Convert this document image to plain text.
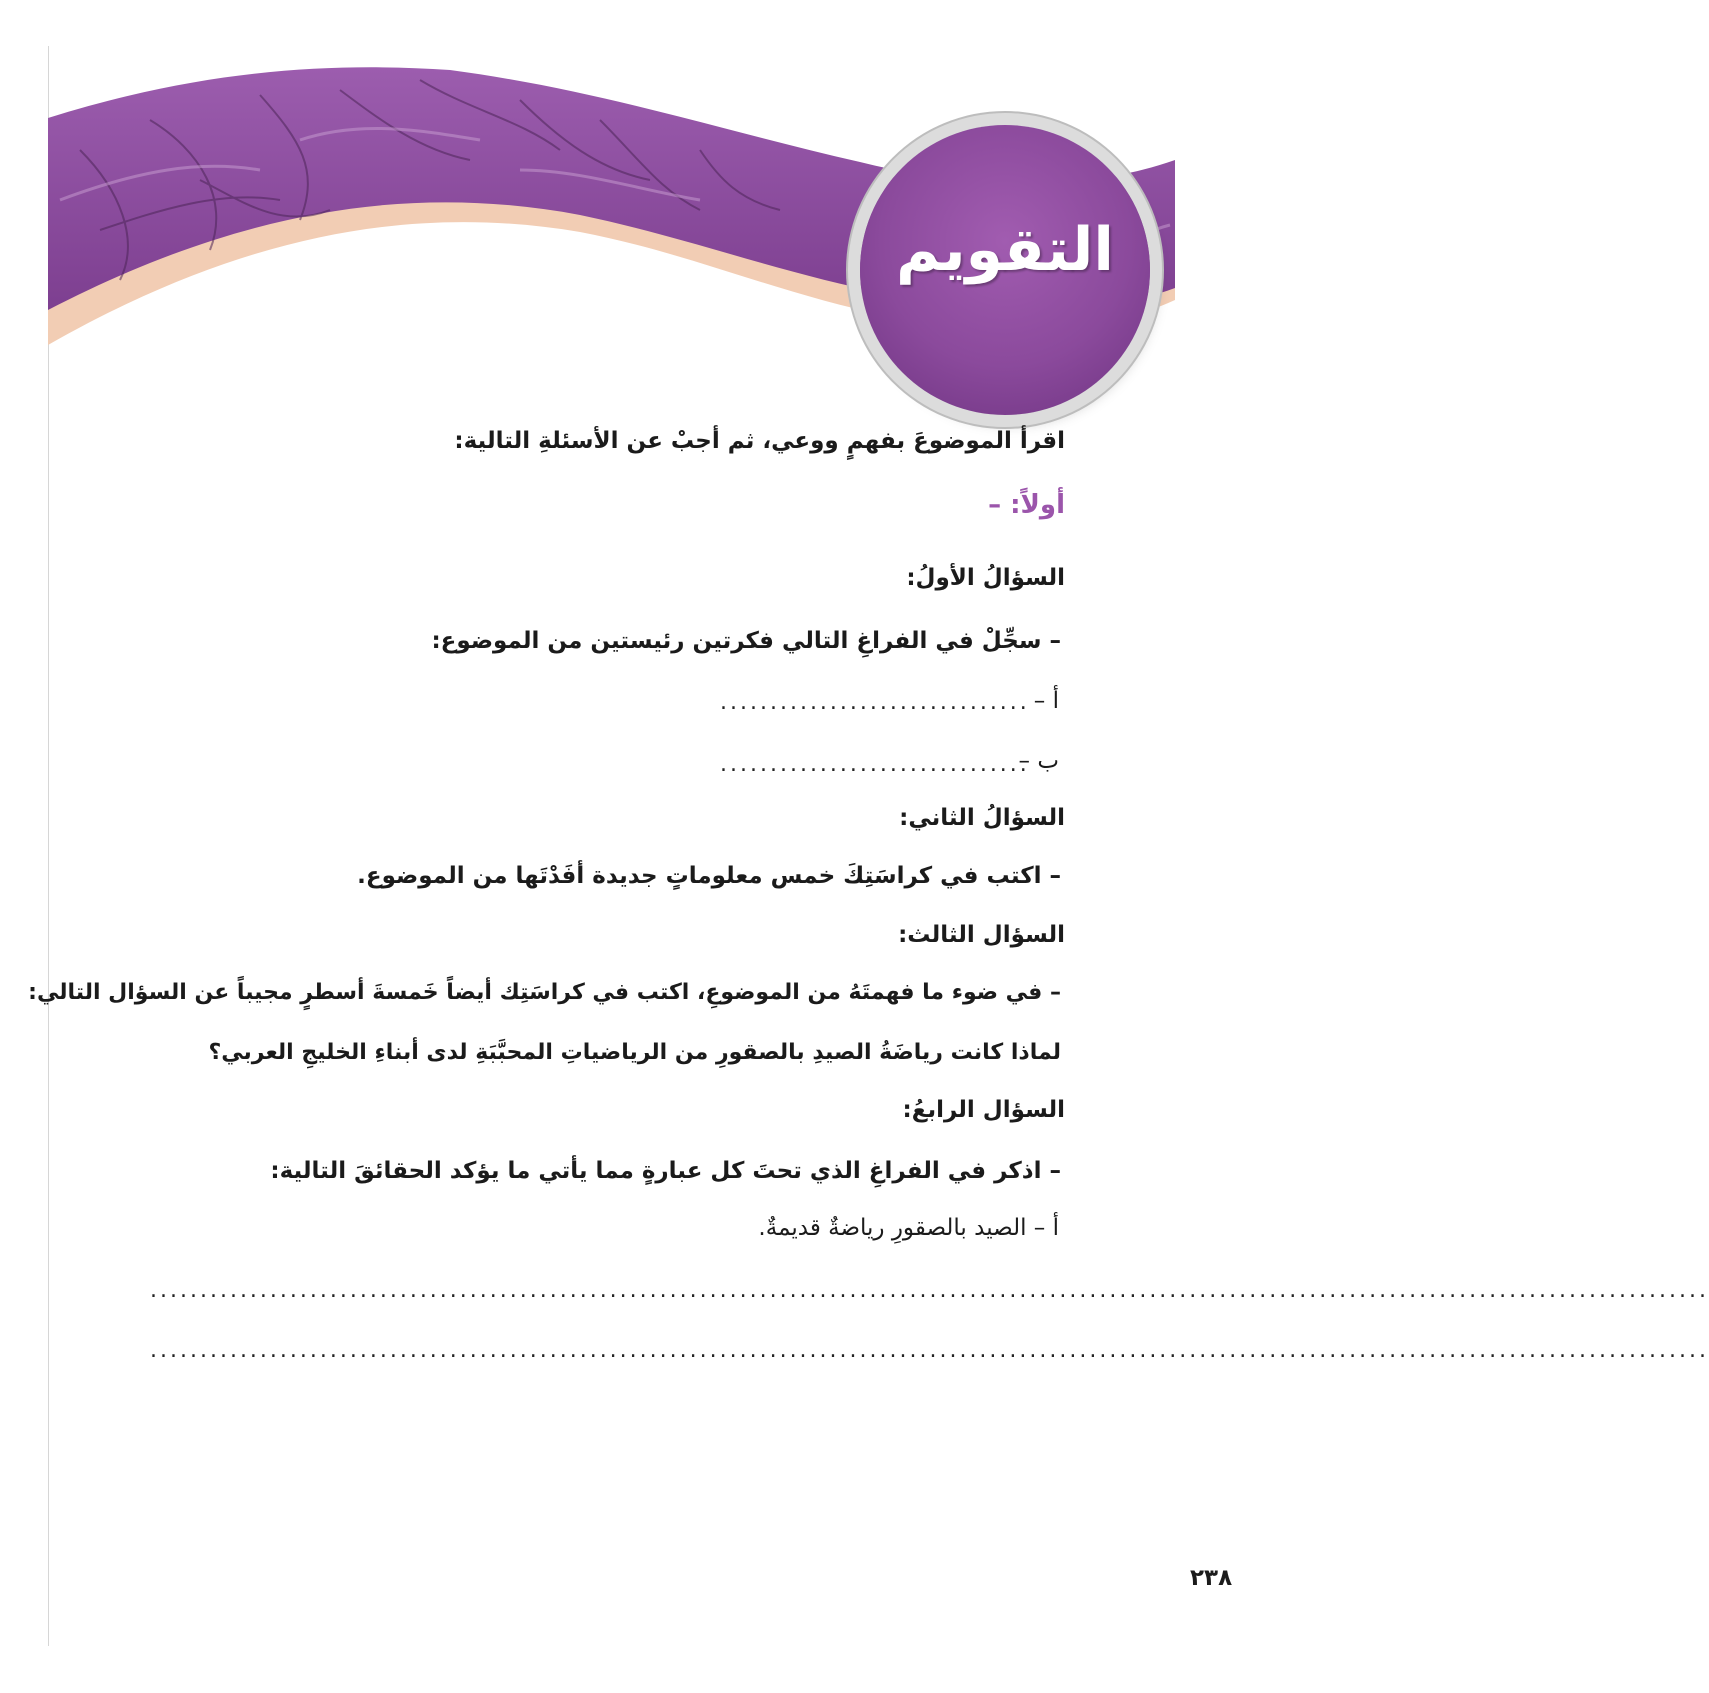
التقويم
اقرأ الموضوعَ بفهمٍ ووعي، ثم أجبْ عن الأسئلةِ التالية:
أولاً: –
السؤالُ الأولُ:
– سجِّلْ في الفراغِ التالي فكرتين رئيستين من الموضوع:
أ –
...............................
ب –
...............................
السؤالُ الثاني:
– اكتب في كراسَتِكَ خمس معلوماتٍ جديدة أفَدْتَها من الموضوع.
السؤال الثالث:
– في ضوء ما فهمتَهُ من الموضوعِ، اكتب في كراسَتِك أيضاً خَمسةَ أسطرٍ مجيباً عن السؤال التالي:
لماذا كانت رياضَةُ الصيدِ بالصقورِ من الرياضياتِ المحبَّبَةِ لدى أبناءِ الخليجِ العربي؟
السؤال الرابعُ:
– اذكر في الفراغِ الذي تحتَ كل عبارةٍ مما يأتي ما يؤكد الحقائقَ التالية:
أ – الصيد بالصقورِ رياضةٌ قديمةٌ.
............................................................................................................................................................
............................................................................................................................................................
٢٣٨
